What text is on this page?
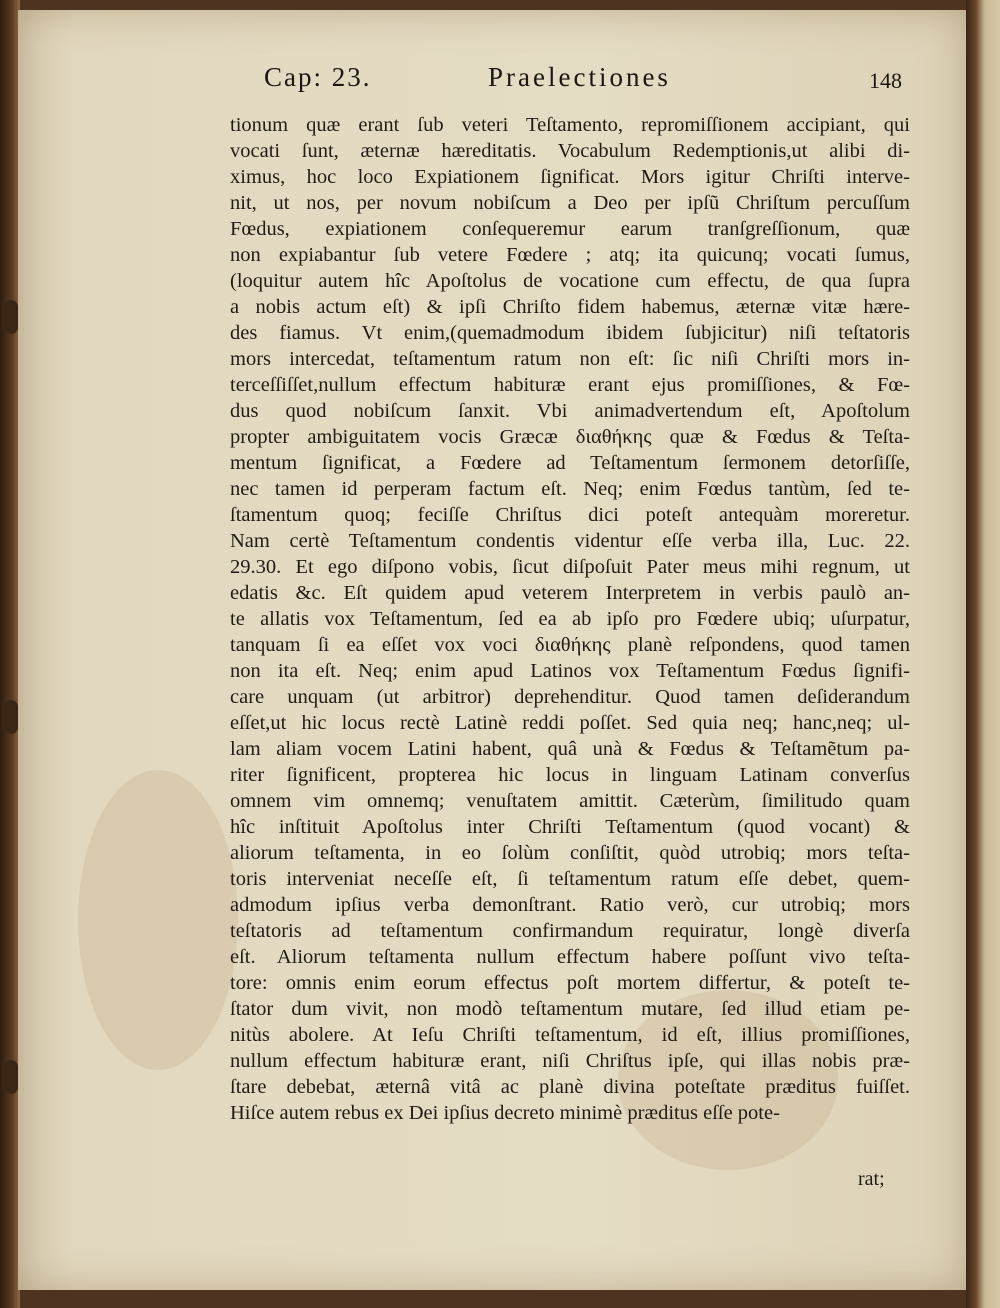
Cap: 23.	Praelectiones	148
tionum quæ erant ſub veteri Teſtamento, repromiſſionem accipiant, qui
vocati ſunt, æternæ hæreditatis. Vocabulum Redemptionis,ut alibi di-
ximus, hoc loco Expiationem ſignificat. Mors igitur Chriſti interve-
nit, ut nos, per novum nobiſcum a Deo per ipſũ Chriſtum percuſſum
Fœdus, expiationem conſequeremur earum tranſgreſſionum, quæ
non expiabantur ſub vetere Fœdere ; atq; ita quicunq; vocati ſumus,
(loquitur autem hîc Apoſtolus de vocatione cum effectu, de qua ſupra
a nobis actum eſt) & ipſi Chriſto fidem habemus, æternæ vitæ hære-
des fiamus. Vt enim,(quemadmodum ibidem ſubjicitur) niſi teſtatoris
mors intercedat, teſtamentum ratum non eſt: ſic niſi Chriſti mors in-
terceſſiſſet,nullum effectum habituræ erant ejus promiſſiones, & Fœ-
dus quod nobiſcum ſanxit. Vbi animadvertendum eſt, Apoſtolum
propter ambiguitatem vocis Græcæ διαθήκης quæ & Fœdus & Teſta-
mentum ſignificat, a Fœdere ad Teſtamentum ſermonem detorſiſſe,
nec tamen id perperam factum eſt. Neq; enim Fœdus tantùm, ſed te-
ſtamentum quoq; feciſſe Chriſtus dici poteſt antequàm moreretur.
Nam certè Teſtamentum condentis videntur eſſe verba illa, Luc. 22.
29.30. Et ego diſpono vobis, ſicut diſpoſuit Pater meus mihi regnum, ut
edatis &c. Eſt quidem apud veterem Interpretem in verbis paulò an-
te allatis vox Teſtamentum, ſed ea ab ipſo pro Fœdere ubiq; uſurpatur,
tanquam ſi ea eſſet vox voci διαθήκης planè reſpondens, quod tamen
non ita eſt. Neq; enim apud Latinos vox Teſtamentum Fœdus ſignifi-
care unquam (ut arbitror) deprehenditur. Quod tamen deſiderandum
eſſet,ut hic locus rectè Latinè reddi poſſet. Sed quia neq; hanc,neq; ul-
lam aliam vocem Latini habent, quâ unà & Fœdus & Teſtamẽtum pa-
riter ſignificent, propterea hic locus in linguam Latinam converſus
omnem vim omnemq; venuſtatem amittit. Cæterùm, ſimilitudo quam
hîc inſtituit Apoſtolus inter Chriſti Teſtamentum (quod vocant) &
aliorum teſtamenta, in eo ſolùm conſiſtit, quòd utrobiq; mors teſta-
toris interveniat neceſſe eſt, ſi teſtamentum ratum eſſe debet, quem-
admodum ipſius verba demonſtrant. Ratio verò, cur utrobiq; mors
teſtatoris ad teſtamentum confirmandum requiratur, longè diverſa
eſt. Aliorum teſtamenta nullum effectum habere poſſunt vivo teſta-
tore: omnis enim eorum effectus poſt mortem differtur, & poteſt te-
ſtator dum vivit, non modò teſtamentum mutare, ſed illud etiam pe-
nitùs abolere. At Ieſu Chriſti teſtamentum, id eſt, illius promiſſiones,
nullum effectum habituræ erant, niſi Chriſtus ipſe, qui illas nobis præ-
ſtare debebat, æternâ vitâ ac planè divina poteſtate præditus fuiſſet.
Hiſce autem rebus ex Dei ipſius decreto minimè præditus eſſe pote-
rat;
